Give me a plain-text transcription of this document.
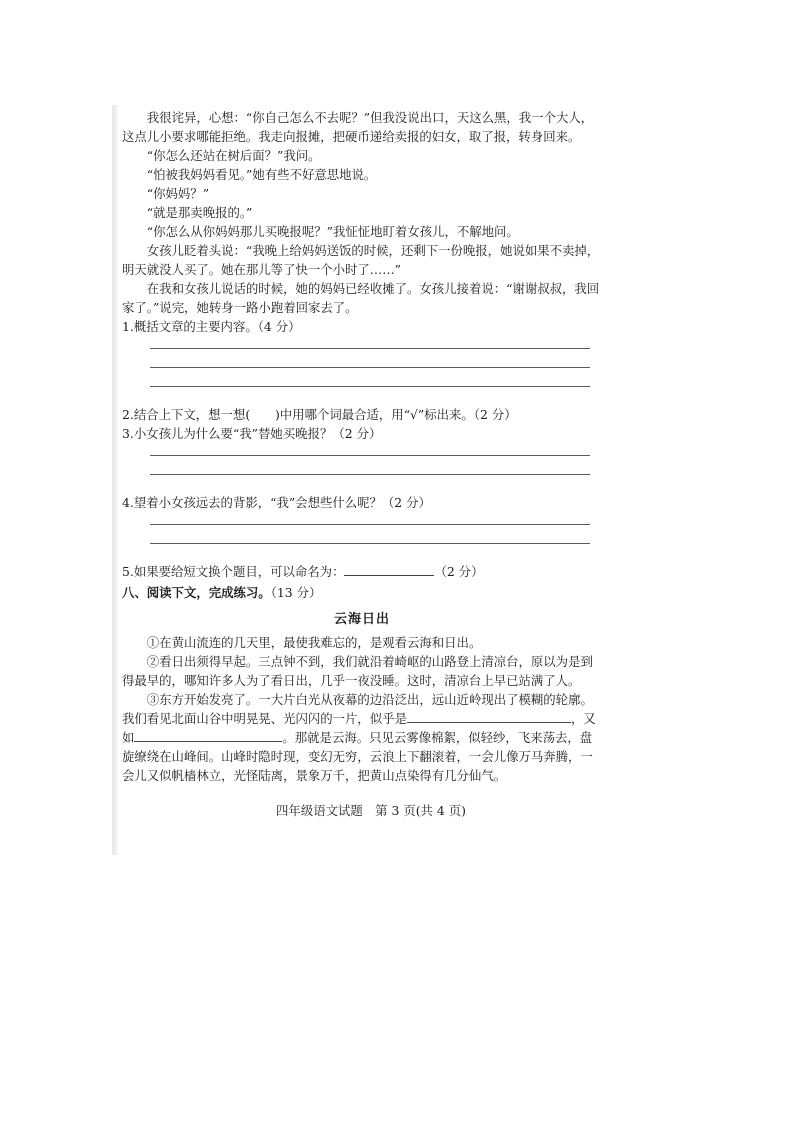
我很诧异，心想：“你自己怎么不去呢？”但我没说出口，天这么黑，我一个大人，这点儿小要求哪能拒绝。我走向报摊，把硬币递给卖报的妇女，取了报，转身回来。

“你怎么还站在树后面？”我问。

“怕被我妈妈看见。”她有些不好意思地说。

“你妈妈？”

“就是那卖晚报的。”

“你怎么从你妈妈那儿买晚报呢？”我怔怔地盯着女孩儿，不解地问。

女孩儿眨着头说：“我晚上给妈妈送饭的时候，还剩下一份晚报，她说如果不卖掉，明天就没人买了。她在那儿等了快一个小时了……”

在我和女孩儿说话的时候，她的妈妈已经收摊了。女孩儿接着说：“谢谢叔叔，我回家了。”说完，她转身一路小跑着回家去了。

1.概括文章的主要内容。（4 分）

2.结合上下文，想一想(　　)中用哪个词最合适，用“√”标出来。（2 分）

3.小女孩儿为什么要“我”替她买晚报？（2 分）

4.望着小女孩远去的背影，“我”会想些什么呢？（2 分）

5.如果要给短文换个题目，可以命名为：	（2 分）

八、阅读下文，完成练习。（13 分）

云海日出

①在黄山流连的几天里，最使我难忘的，是观看云海和日出。

②看日出须得早起。三点钟不到，我们就沿着崎岖的山路登上清凉台，原以为是到得最早的，哪知许多人为了看日出，几乎一夜没睡。这时，清凉台上早已站满了人。

③东方开始发亮了。一大片白光从夜幕的边沿泛出，远山近岭现出了模糊的轮廓。我们看见北面山谷中明晃晃、光闪闪的一片，似乎是	，又如	。那就是云海。只见云雾像棉絮，似轻纱，飞来荡去，盘旋缭绕在山峰间。山峰时隐时现，变幻无穷，云浪上下翻滚着，一会儿像万马奔腾，一会儿又似帆樯林立，光怪陆离，景象万千，把黄山点染得有几分仙气。

四年级语文试题　第 3 页(共 4 页)
